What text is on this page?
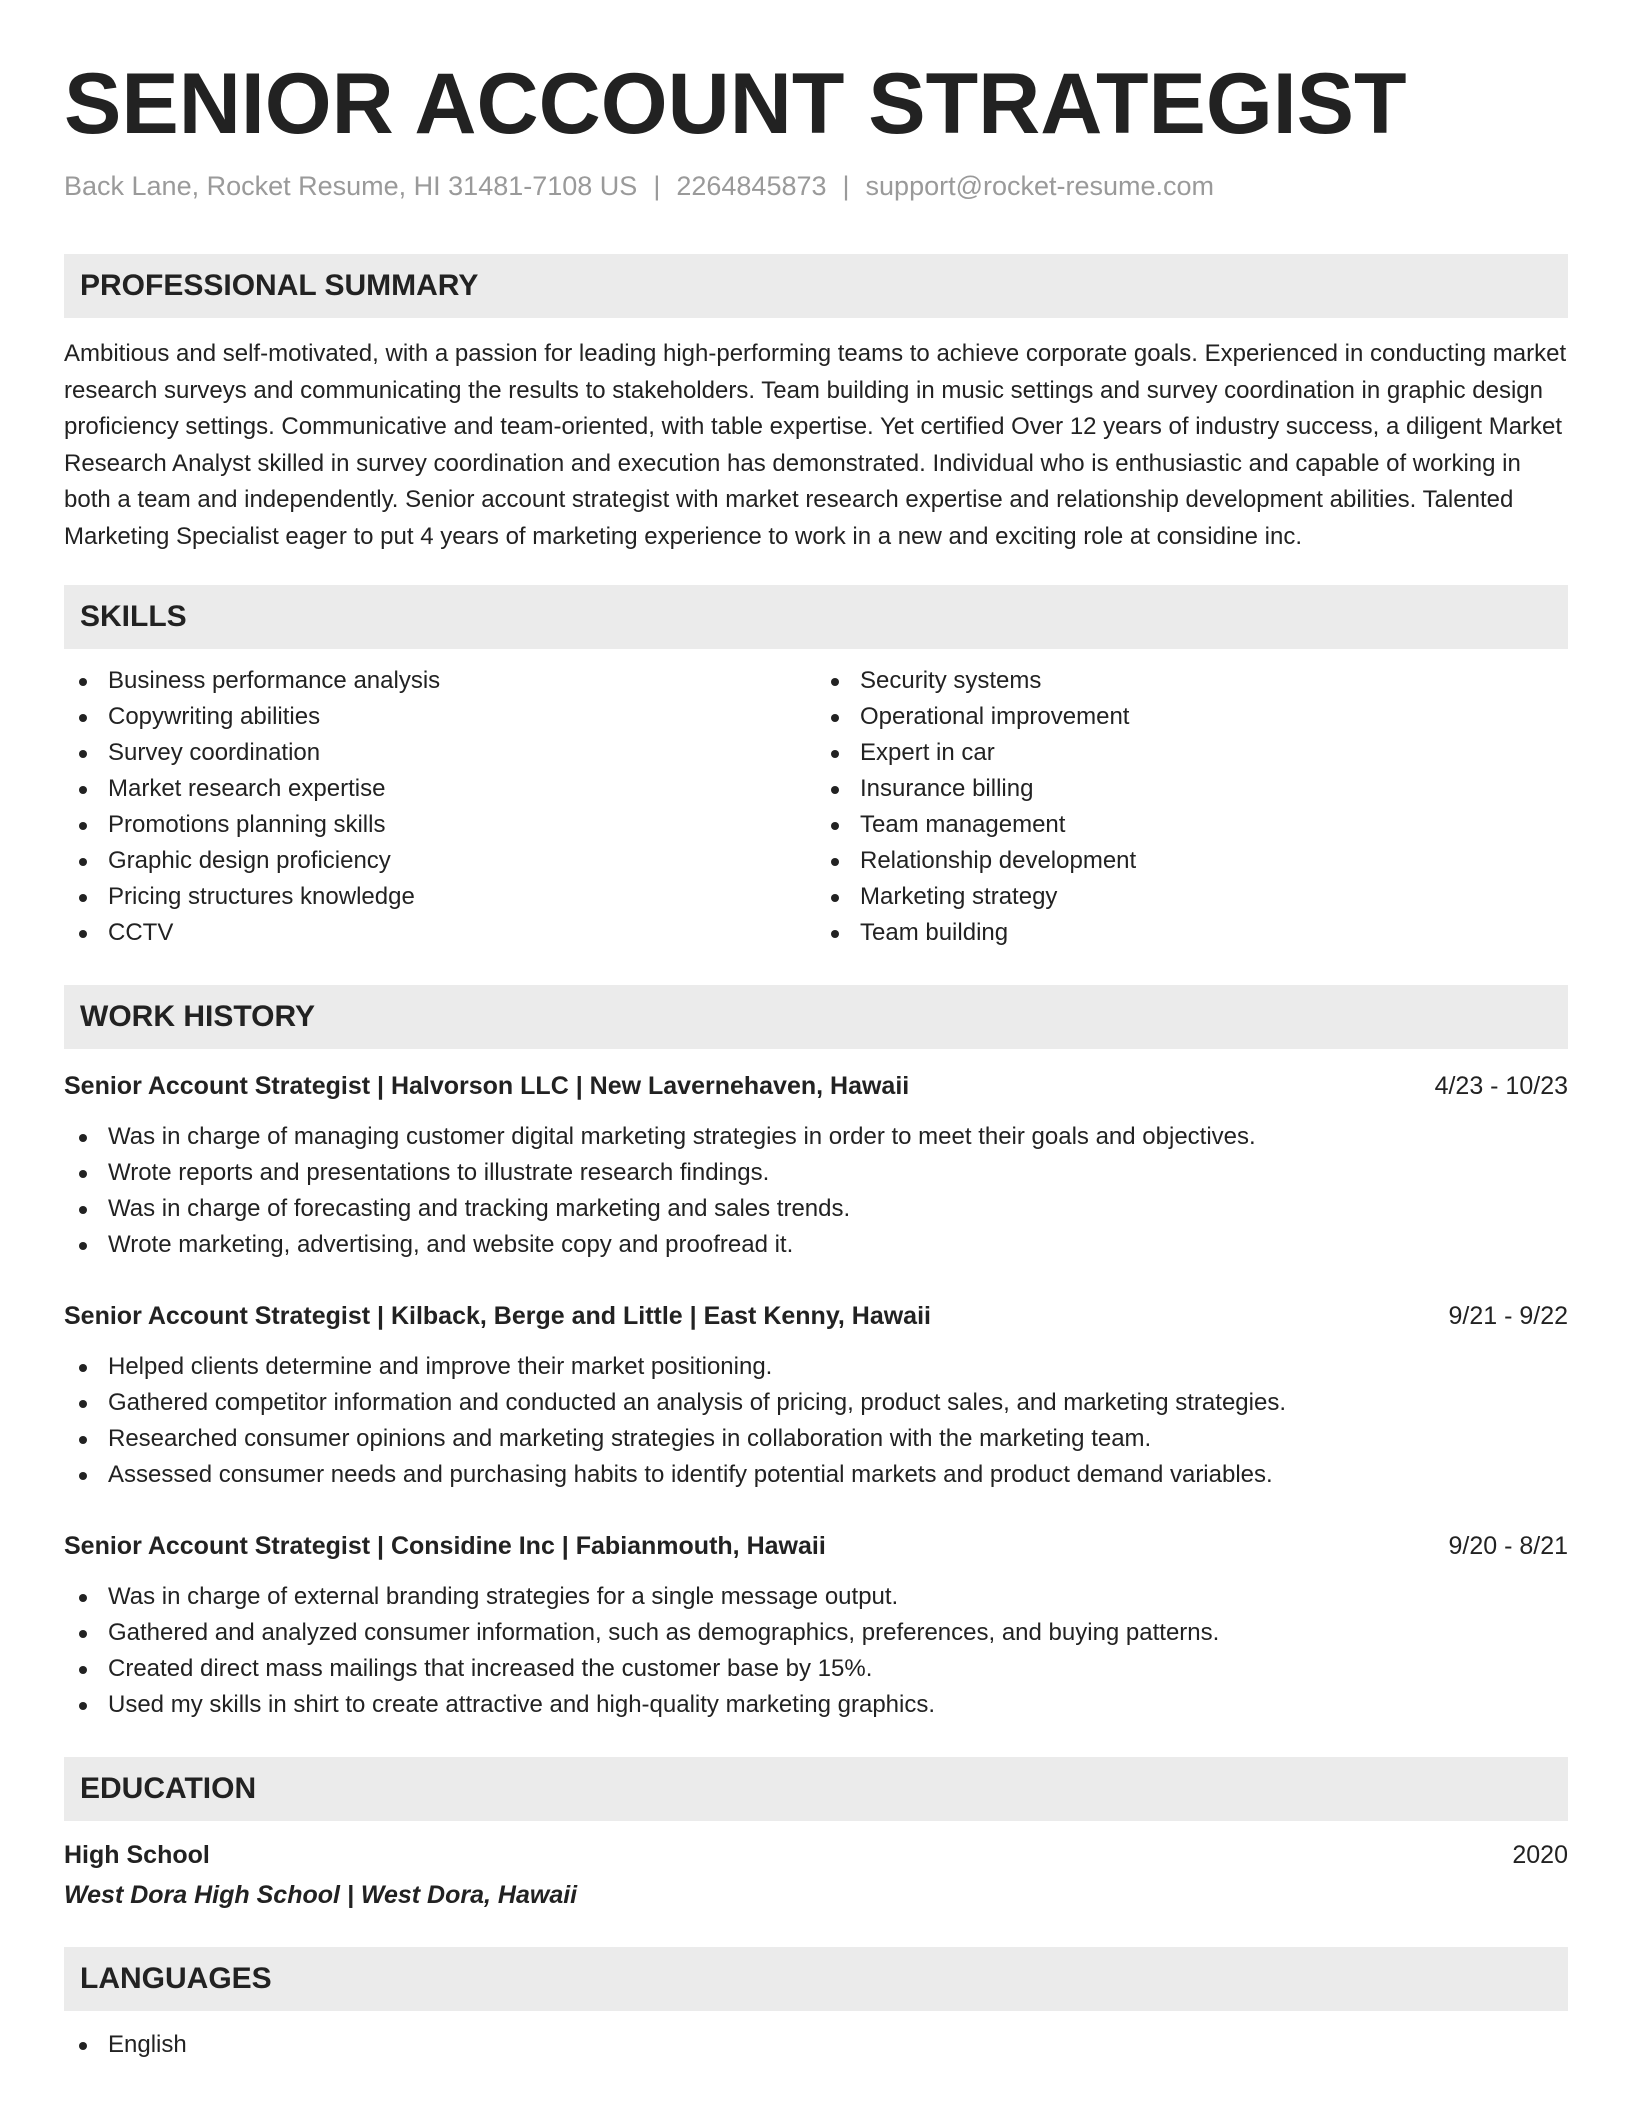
SENIOR ACCOUNT STRATEGIST
Back Lane, Rocket Resume, HI 31481-7108 US | 2264845873 | support@rocket-resume.com
PROFESSIONAL SUMMARY

Ambitious and self-motivated, with a passion for leading high-performing teams to achieve corporate goals. Experienced in conducting market research surveys and communicating the results to stakeholders. Team building in music settings and survey coordination in graphic design proficiency settings. Communicative and team-oriented, with table expertise. Yet certified Over 12 years of industry success, a diligent Market Research Analyst skilled in survey coordination and execution has demonstrated. Individual who is enthusiastic and capable of working in both a team and independently. Senior account strategist with market research expertise and relationship development abilities. Talented Marketing Specialist eager to put 4 years of marketing experience to work in a new and exciting role at considine inc.

SKILLS
Business performance analysis
Copywriting abilities
Survey coordination
Market research expertise
Promotions planning skills
Graphic design proficiency
Pricing structures knowledge
CCTV
Security systems
Operational improvement
Expert in car
Insurance billing
Team management
Relationship development
Marketing strategy
Team building
WORK HISTORY
Senior Account Strategist | Halvorson LLC | New Lavernehaven, Hawaii	4/23 - 10/23
Was in charge of managing customer digital marketing strategies in order to meet their goals and objectives.
Wrote reports and presentations to illustrate research findings.
Was in charge of forecasting and tracking marketing and sales trends.
Wrote marketing, advertising, and website copy and proofread it.
Senior Account Strategist | Kilback, Berge and Little | East Kenny, Hawaii	9/21 - 9/22
Helped clients determine and improve their market positioning.
Gathered competitor information and conducted an analysis of pricing, product sales, and marketing strategies.
Researched consumer opinions and marketing strategies in collaboration with the marketing team.
Assessed consumer needs and purchasing habits to identify potential markets and product demand variables.
Senior Account Strategist | Considine Inc | Fabianmouth, Hawaii	9/20 - 8/21
Was in charge of external branding strategies for a single message output.
Gathered and analyzed consumer information, such as demographics, preferences, and buying patterns.
Created direct mass mailings that increased the customer base by 15%.
Used my skills in shirt to create attractive and high-quality marketing graphics.
EDUCATION
High School	2020
West Dora High School | West Dora, Hawaii
LANGUAGES
English
